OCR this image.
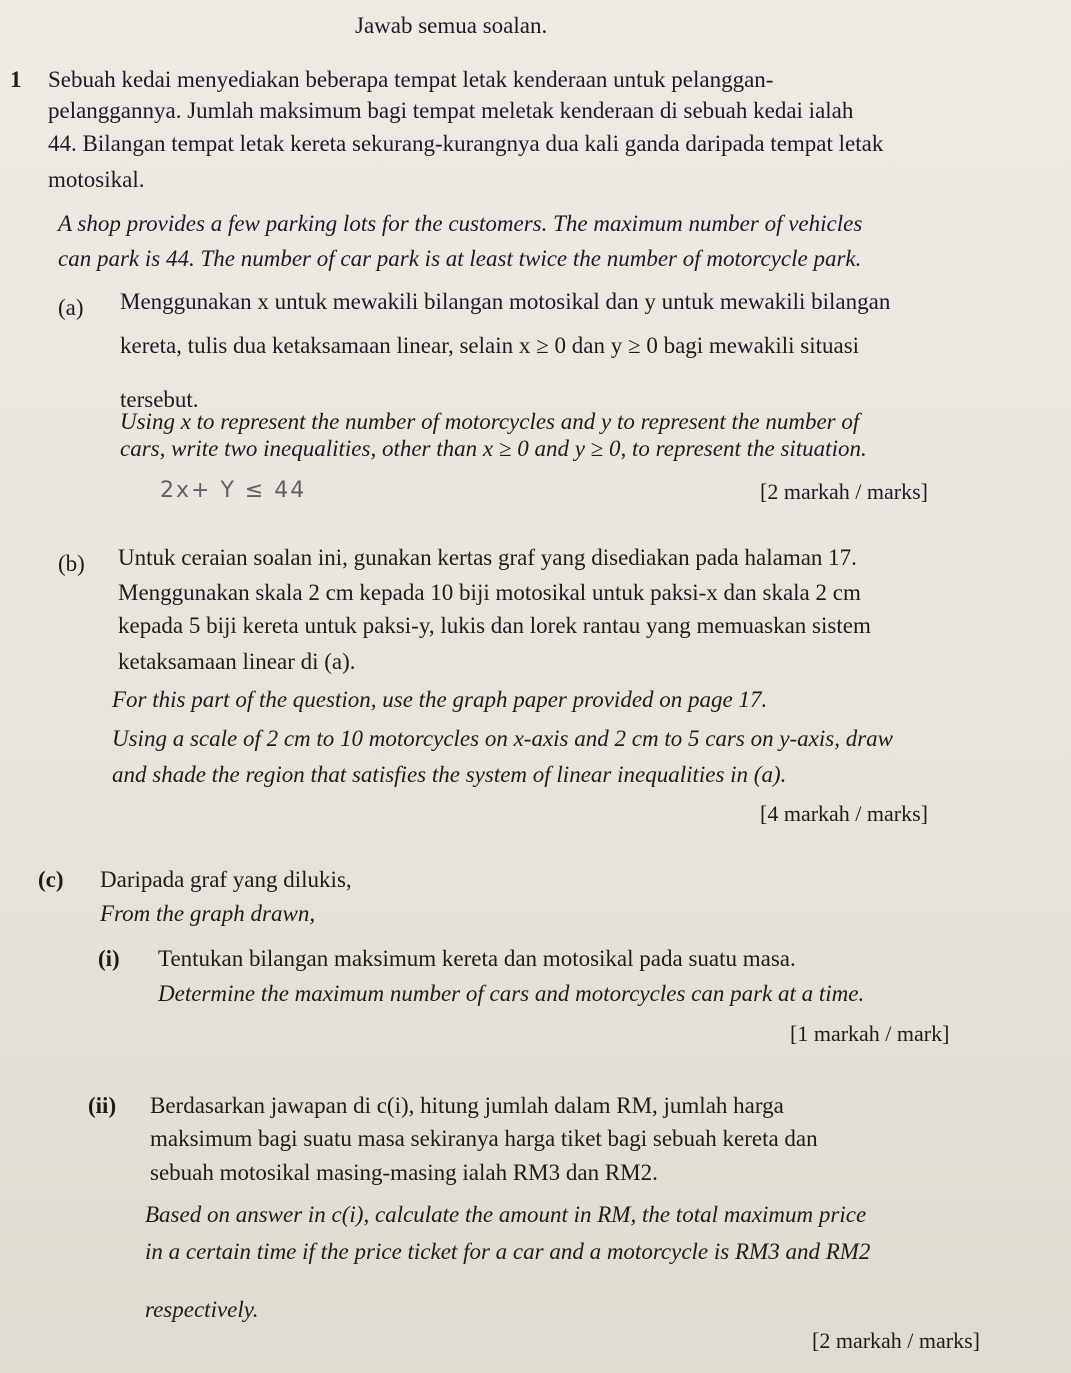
Jawab semua soalan.
1 Sebuah kedai menyediakan beberapa tempat letak kenderaan untuk pelanggan-
pelanggannya. Jumlah maksimum bagi tempat meletak kenderaan di sebuah kedai ialah
44. Bilangan tempat letak kereta sekurang-kurangnya dua kali ganda daripada tempat letak
motosikal.
A shop provides a few parking lots for the customers. The maximum number of vehicles
can park is 44. The number of car park is at least twice the number of motorcycle park.
(a) Menggunakan x untuk mewakili bilangan motosikal dan y untuk mewakili bilangan
kereta, tulis dua ketaksamaan linear, selain x ≥ 0 dan y ≥ 0 bagi mewakili situasi
tersebut.
Using x to represent the number of motorcycles and y to represent the number of
cars, write two inequalities, other than x ≥ 0 and y ≥ 0, to represent the situation.
2x+ Y ≤ 44	[2 markah / marks]
(b) Untuk ceraian soalan ini, gunakan kertas graf yang disediakan pada halaman 17.
Menggunakan skala 2 cm kepada 10 biji motosikal untuk paksi-x dan skala 2 cm
kepada 5 biji kereta untuk paksi-y, lukis dan lorek rantau yang memuaskan sistem
ketaksamaan linear di (a).
For this part of the question, use the graph paper provided on page 17.
Using a scale of 2 cm to 10 motorcycles on x-axis and 2 cm to 5 cars on y-axis, draw
and shade the region that satisfies the system of linear inequalities in (a).
[4 markah / marks]
(c) Daripada graf yang dilukis,
From the graph drawn,
(i) Tentukan bilangan maksimum kereta dan motosikal pada suatu masa.
Determine the maximum number of cars and motorcycles can park at a time.
[1 markah / mark]
(ii) Berdasarkan jawapan di c(i), hitung jumlah dalam RM, jumlah harga
maksimum bagi suatu masa sekiranya harga tiket bagi sebuah kereta dan
sebuah motosikal masing-masing ialah RM3 dan RM2.
Based on answer in c(i), calculate the amount in RM, the total maximum price
in a certain time if the price ticket for a car and a motorcycle is RM3 and RM2
respectively.
[2 markah / marks]
